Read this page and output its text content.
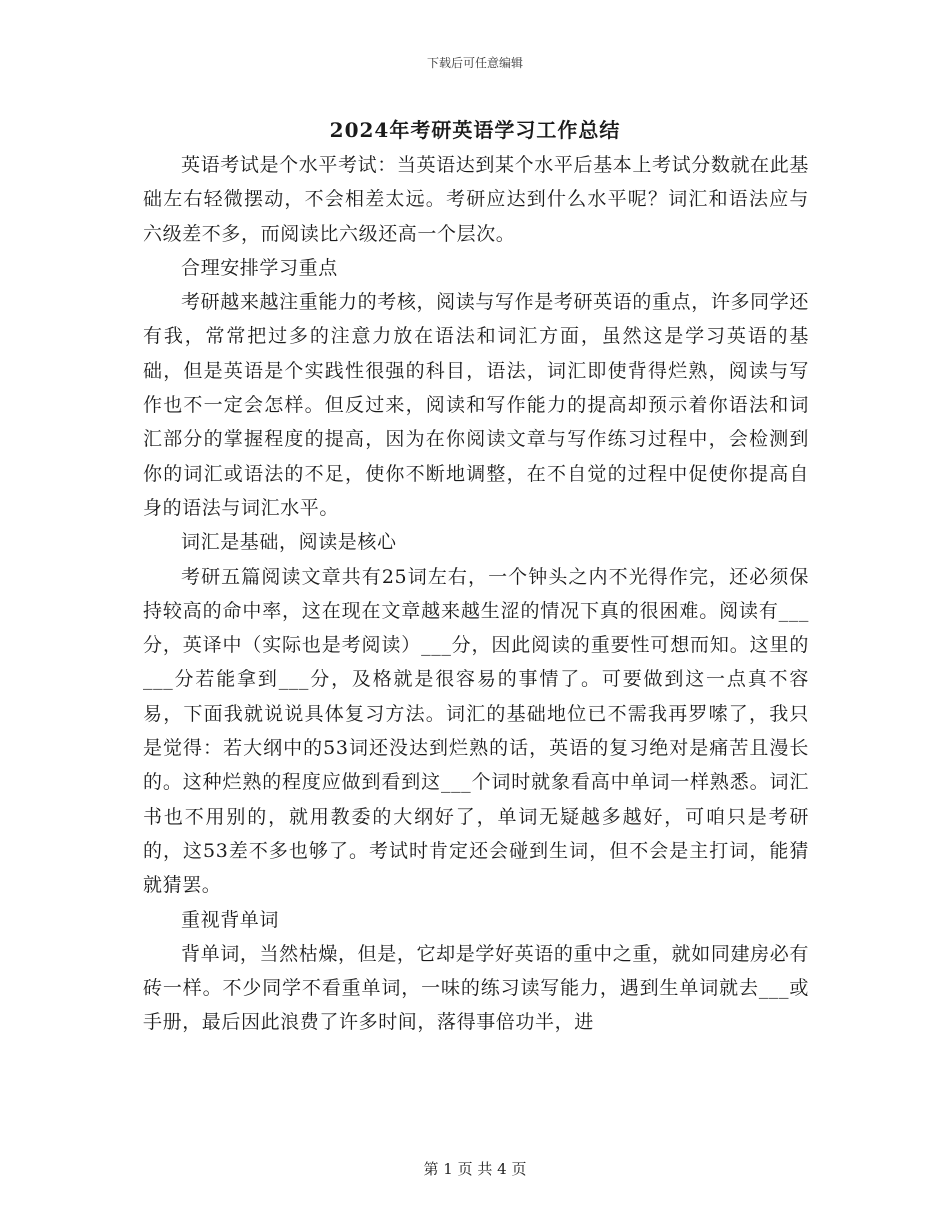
下载后可任意编辑
2024年考研英语学习工作总结

英语考试是个水平考试：当英语达到某个水平后基本上考试分数就在此基础左右轻微摆动，不会相差太远。考研应达到什么水平呢？词汇和语法应与六级差不多，而阅读比六级还高一个层次。

合理安排学习重点

考研越来越注重能力的考核，阅读与写作是考研英语的重点，许多同学还有我，常常把过多的注意力放在语法和词汇方面，虽然这是学习英语的基础，但是英语是个实践性很强的科目，语法，词汇即使背得烂熟，阅读与写作也不一定会怎样。但反过来，阅读和写作能力的提高却预示着你语法和词汇部分的掌握程度的提高，因为在你阅读文章与写作练习过程中，会检测到你的词汇或语法的不足，使你不断地调整，在不自觉的过程中促使你提高自身的语法与词汇水平。

词汇是基础，阅读是核心

考研五篇阅读文章共有25词左右，一个钟头之内不光得作完，还必须保持较高的命中率，这在现在文章越来越生涩的情况下真的很困难。阅读有___分，英译中（实际也是考阅读）___分，因此阅读的重要性可想而知。这里的___分若能拿到___分，及格就是很容易的事情了。可要做到这一点真不容易，下面我就说说具体复习方法。词汇的基础地位已不需我再罗嗦了，我只是觉得：若大纲中的53词还没达到烂熟的话，英语的复习绝对是痛苦且漫长的。这种烂熟的程度应做到看到这___个词时就象看高中单词一样熟悉。词汇书也不用别的，就用教委的大纲好了，单词无疑越多越好，可咱只是考研的，这53差不多也够了。考试时肯定还会碰到生词，但不会是主打词，能猜就猜罢。

重视背单词

背单词，当然枯燥，但是，它却是学好英语的重中之重，就如同建房必有砖一样。不少同学不看重单词，一味的练习读写能力，遇到生单词就去___或手册，最后因此浪费了许多时间，落得事倍功半，进

第 1 页 共 4 页
